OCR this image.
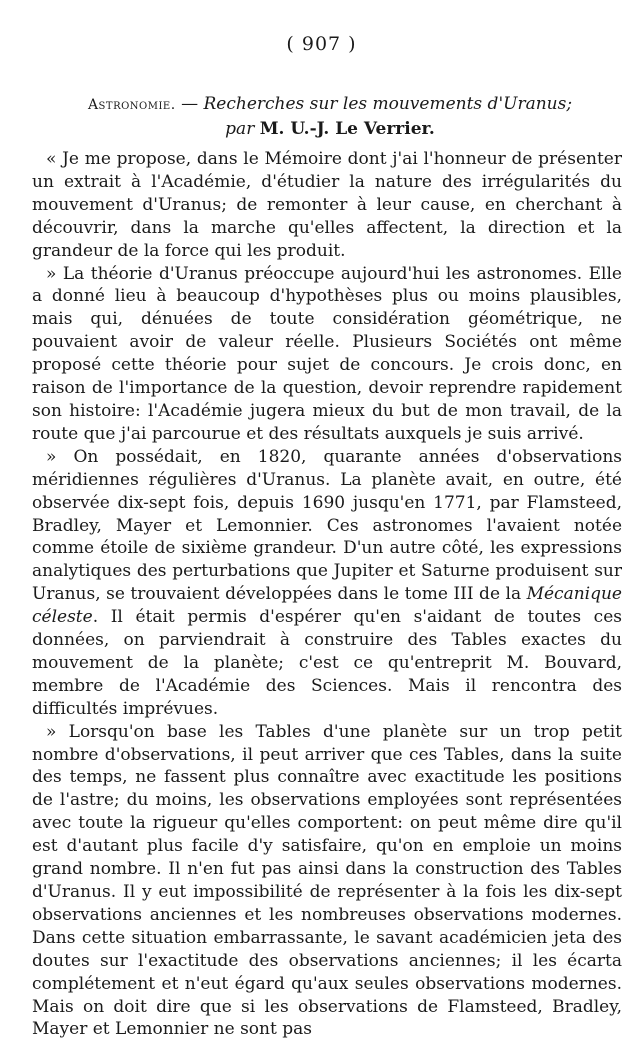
( 907 )
Astronomie. — Recherches sur les mouvements d'Uranus;
par M. U.-J. Le Verrier.

« Je me propose, dans le Mémoire dont j'ai l'honneur de présenter un extrait à l'Académie, d'étudier la nature des irrégularités du mouvement d'Uranus; de remonter à leur cause, en cherchant à découvrir, dans la marche qu'elles affectent, la direction et la grandeur de la force qui les produit.

» La théorie d'Uranus préoccupe aujourd'hui les astronomes. Elle a donné lieu à beaucoup d'hypothèses plus ou moins plausibles, mais qui, dénuées de toute considération géométrique, ne pouvaient avoir de valeur réelle. Plusieurs Sociétés ont même proposé cette théorie pour sujet de concours. Je crois donc, en raison de l'importance de la question, devoir reprendre rapidement son histoire: l'Académie jugera mieux du but de mon travail, de la route que j'ai parcourue et des résultats auxquels je suis arrivé.

» On possédait, en 1820, quarante années d'observations méridiennes régulières d'Uranus. La planète avait, en outre, été observée dix-sept fois, depuis 1690 jusqu'en 1771, par Flamsteed, Bradley, Mayer et Lemonnier. Ces astronomes l'avaient notée comme étoile de sixième grandeur. D'un autre côté, les expressions analytiques des perturbations que Jupiter et Saturne produisent sur Uranus, se trouvaient développées dans le tome III de la Mécanique céleste. Il était permis d'espérer qu'en s'aidant de toutes ces données, on parviendrait à construire des Tables exactes du mouvement de la planète; c'est ce qu'entreprit M. Bouvard, membre de l'Académie des Sciences. Mais il rencontra des difficultés imprévues.

» Lorsqu'on base les Tables d'une planète sur un trop petit nombre d'observations, il peut arriver que ces Tables, dans la suite des temps, ne fassent plus connaître avec exactitude les positions de l'astre; du moins, les observations employées sont représentées avec toute la rigueur qu'elles comportent: on peut même dire qu'il est d'autant plus facile d'y satisfaire, qu'on en emploie un moins grand nombre. Il n'en fut pas ainsi dans la construction des Tables d'Uranus. Il y eut impossibilité de représenter à la fois les dix-sept observations anciennes et les nombreuses observations modernes. Dans cette situation embarrassante, le savant académicien jeta des doutes sur l'exactitude des observations anciennes; il les écarta complétement et n'eut égard qu'aux seules observations modernes. Mais on doit dire que si les observations de Flamsteed, Bradley, Mayer et Lemonnier ne sont pas
